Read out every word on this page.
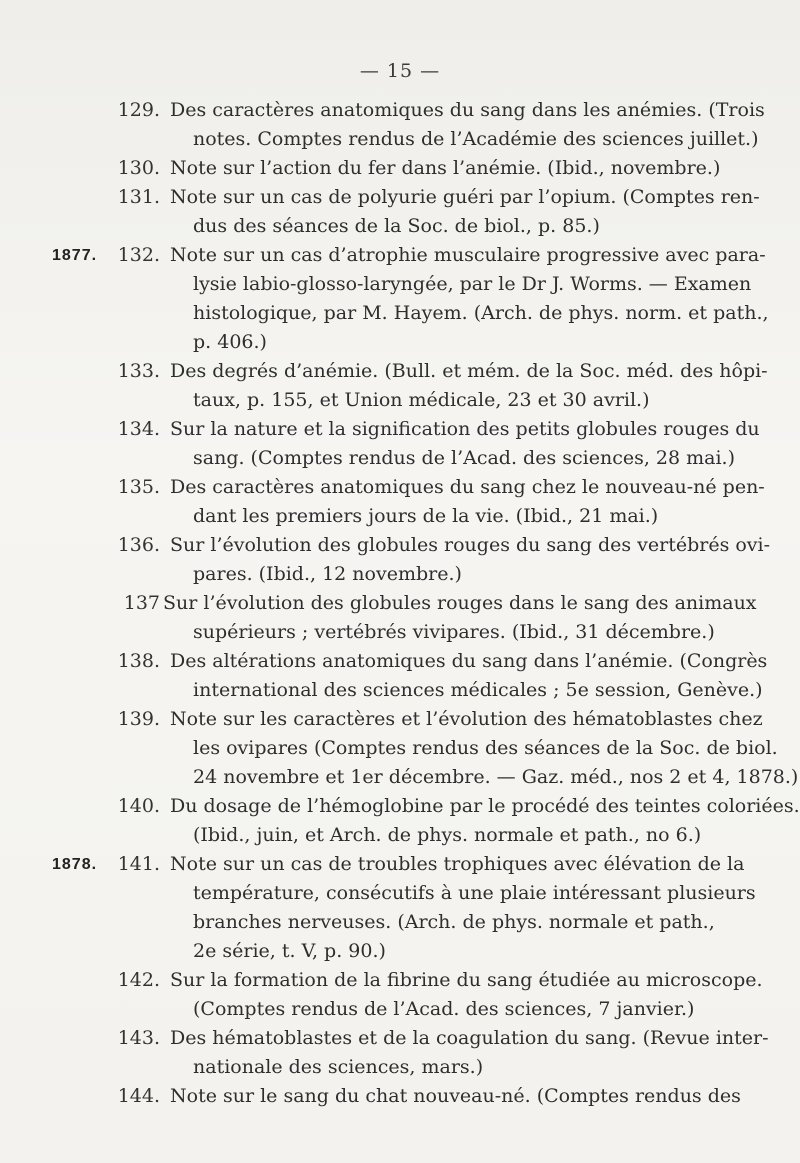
— 15 —
129. Des caractères anatomiques du sang dans les anémies. (Trois
notes. Comptes rendus de l’Académie des sciences juillet.)
130. Note sur l’action du fer dans l’anémie. (Ibid., novembre.)
131. Note sur un cas de polyurie guéri par l’opium. (Comptes ren-
dus des séances de la Soc. de biol., p. 85.)
1877.	132. Note sur un cas d’atrophie musculaire progressive avec para-
lysie labio-glosso-laryngée, par le Dr J. Worms. — Examen
histologique, par M. Hayem. (Arch. de phys. norm. et path.,
p. 406.)
133. Des degrés d’anémie. (Bull. et mém. de la Soc. méd. des hôpi-
taux, p. 155, et Union médicale, 23 et 30 avril.)
134. Sur la nature et la signification des petits globules rouges du
sang. (Comptes rendus de l’Acad. des sciences, 28 mai.)
135. Des caractères anatomiques du sang chez le nouveau-né pen-
dant les premiers jours de la vie. (Ibid., 21 mai.)
136. Sur l’évolution des globules rouges du sang des vertébrés ovi-
pares. (Ibid., 12 novembre.)
137 Sur l’évolution des globules rouges dans le sang des animaux
supérieurs ; vertébrés vivipares. (Ibid., 31 décembre.)
138. Des altérations anatomiques du sang dans l’anémie. (Congrès
international des sciences médicales ; 5e session, Genève.)
139. Note sur les caractères et l’évolution des hématoblastes chez
les ovipares (Comptes rendus des séances de la Soc. de biol.
24 novembre et 1er décembre. — Gaz. méd., nos 2 et 4, 1878.)
140. Du dosage de l’hémoglobine par le procédé des teintes coloriées.
(Ibid., juin, et Arch. de phys. normale et path., no 6.)
1878.	141. Note sur un cas de troubles trophiques avec élévation de la
température, consécutifs à une plaie intéressant plusieurs
branches nerveuses. (Arch. de phys. normale et path.,
2e série, t. V, p. 90.)
142. Sur la formation de la fibrine du sang étudiée au microscope.
(Comptes rendus de l’Acad. des sciences, 7 janvier.)
143. Des hématoblastes et de la coagulation du sang. (Revue inter-
nationale des sciences, mars.)
144. Note sur le sang du chat nouveau-né. (Comptes rendus des
